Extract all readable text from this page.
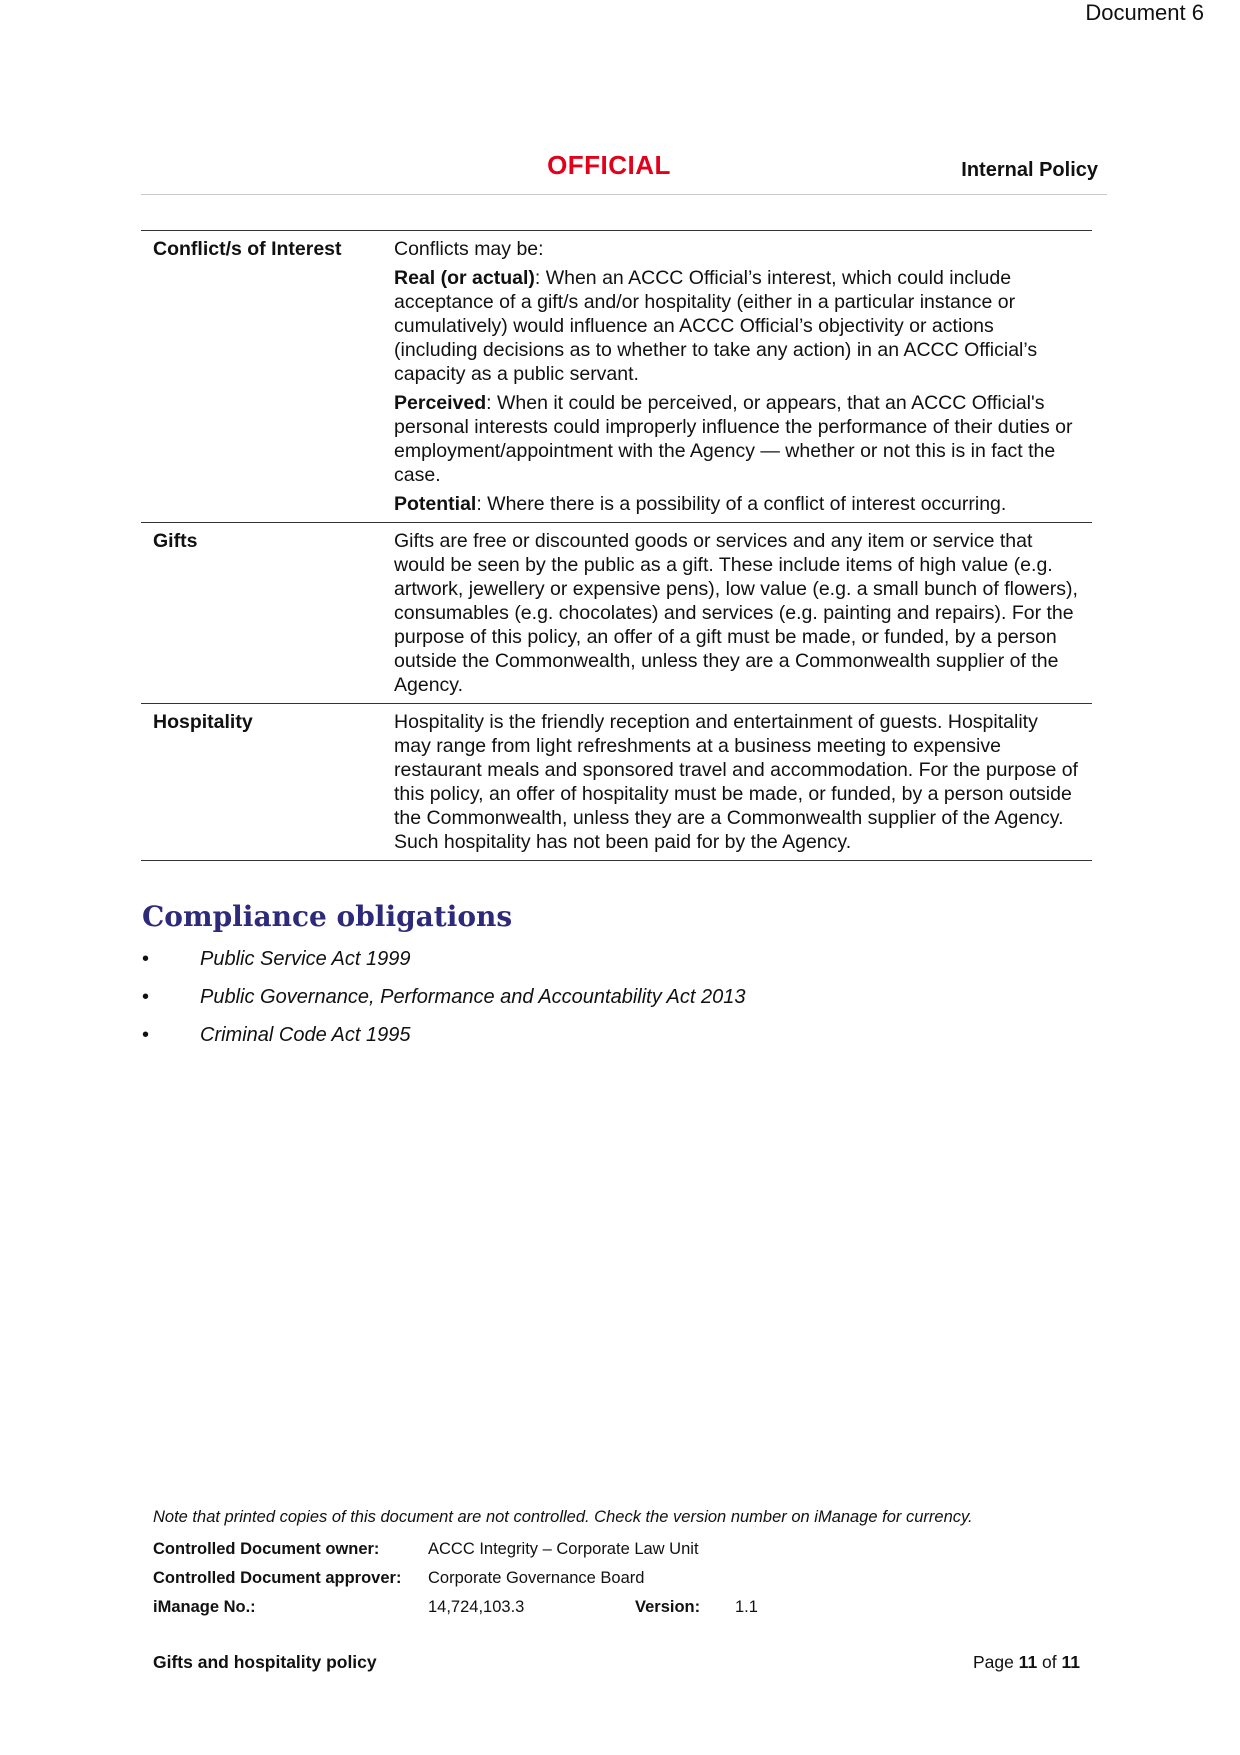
Document 6
OFFICIAL	Internal Policy
Conflict/s of Interest	Conflicts may be:

Real (or actual): When an ACCC Official’s interest, which could include acceptance of a gift/s and/or hospitality (either in a particular instance or cumulatively) would influence an ACCC Official’s objectivity or actions (including decisions as to whether to take any action) in an ACCC Official’s capacity as a public servant.

Perceived: When it could be perceived, or appears, that an ACCC Official's personal interests could improperly influence the performance of their duties or employment/appointment with the Agency — whether or not this is in fact the case.

Potential: Where there is a possibility of a conflict of interest occurring.

Gifts	Gifts are free or discounted goods or services and any item or service that would be seen by the public as a gift. These include items of high value (e.g. artwork, jewellery or expensive pens), low value (e.g. a small bunch of flowers), consumables (e.g. chocolates) and services (e.g. painting and repairs). For the purpose of this policy, an offer of a gift must be made, or funded, by a person outside the Commonwealth, unless they are a Commonwealth supplier of the Agency.
Hospitality	Hospitality is the friendly reception and entertainment of guests. Hospitality may range from light refreshments at a business meeting to expensive restaurant meals and sponsored travel and accommodation. For the purpose of this policy, an offer of hospitality must be made, or funded, by a person outside the Commonwealth, unless they are a Commonwealth supplier of the Agency. Such hospitality has not been paid for by the Agency.
Compliance obligations
•	Public Service Act 1999
•	Public Governance, Performance and Accountability Act 2013
•	Criminal Code Act 1995
Note that printed copies of this document are not controlled. Check the version number on iManage for currency.
Controlled Document owner:	ACCC Integrity – Corporate Law Unit
Controlled Document approver: Corporate Governance Board
iManage No.:	14,724,103.3	Version: 1.1
Gifts and hospitality policy	Page 11 of 11
